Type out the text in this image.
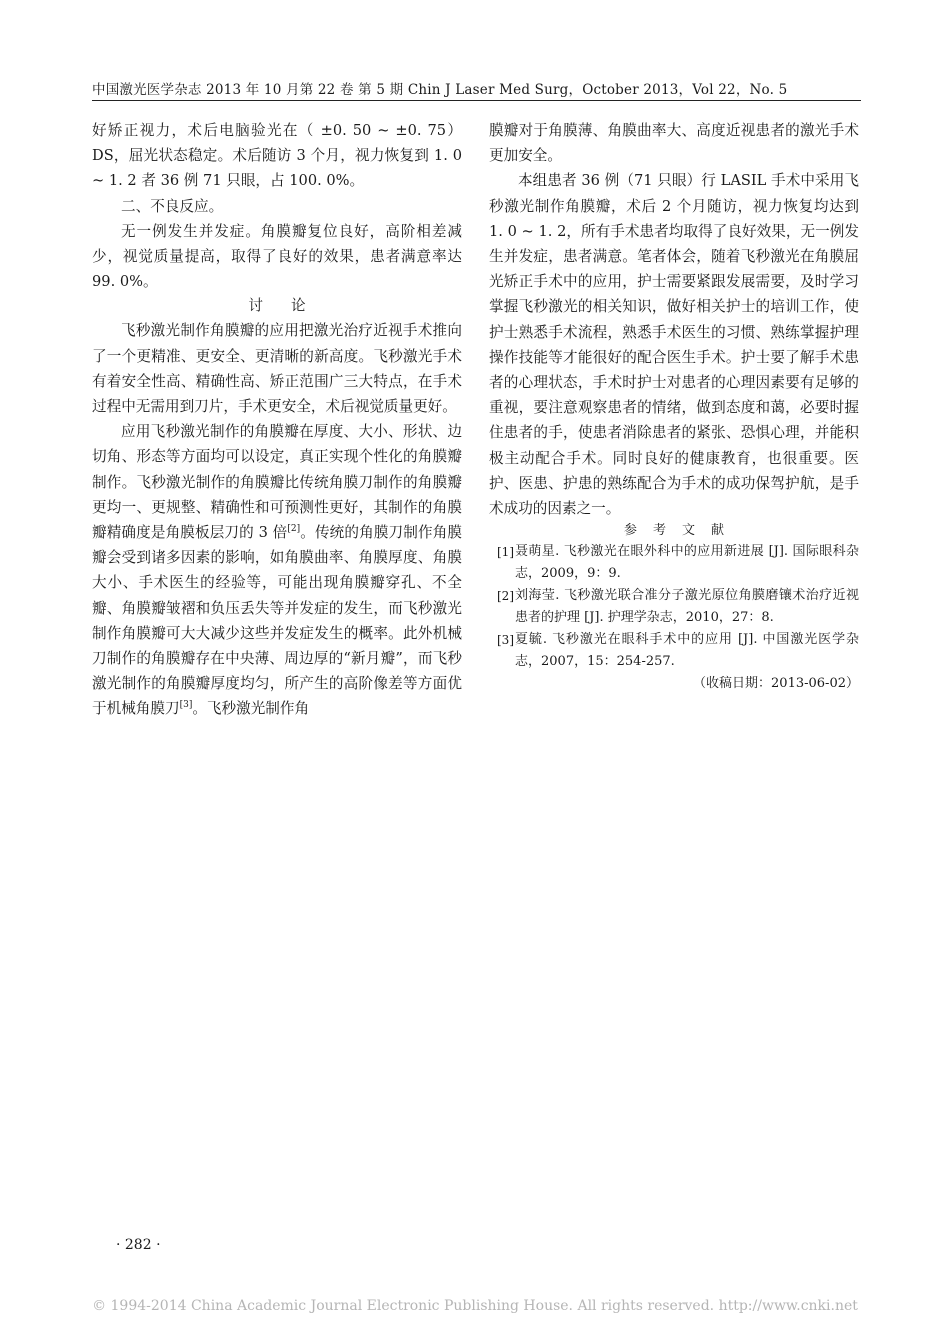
中国激光医学杂志 2013 年 10 月第 22 卷 第 5 期 Chin J Laser Med Surg，October 2013，Vol 22，No. 5

好矫正视力，术后电脑验光在（ ±0. 50 ~ ±0. 75）DS，屈光状态稳定。术后随访 3 个月，视力恢复到 1. 0 ~ 1. 2 者 36 例 71 只眼，占 100. 0%。

二、不良反应。

无一例发生并发症。角膜瓣复位良好，高阶相差减少，视觉质量提高，取得了良好的效果，患者满意率达 99. 0%。

讨论

飞秒激光制作角膜瓣的应用把激光治疗近视手术推向了一个更精准、更安全、更清晰的新高度。飞秒激光手术有着安全性高、精确性高、矫正范围广三大特点，在手术过程中无需用到刀片，手术更安全，术后视觉质量更好。

应用飞秒激光制作的角膜瓣在厚度、大小、形状、边切角、形态等方面均可以设定，真正实现个性化的角膜瓣制作。飞秒激光制作的角膜瓣比传统角膜刀制作的角膜瓣更均一、更规整、精确性和可预测性更好，其制作的角膜瓣精确度是角膜板层刀的 3 倍[2]。传统的角膜刀制作角膜瓣会受到诸多因素的影响，如角膜曲率、角膜厚度、角膜大小、手术医生的经验等，可能出现角膜瓣穿孔、不全瓣、角膜瓣皱褶和负压丢失等并发症的发生，而飞秒激光制作角膜瓣可大大减少这些并发症发生的概率。此外机械刀制作的角膜瓣存在中央薄、周边厚的“新月瓣”，而飞秒激光制作的角膜瓣厚度均匀，所产生的高阶像差等方面优于机械角膜刀[3]。飞秒激光制作角

膜瓣对于角膜薄、角膜曲率大、高度近视患者的激光手术更加安全。

本组患者 36 例（71 只眼）行 LASIL 手术中采用飞秒激光制作角膜瓣，术后 2 个月随访，视力恢复均达到 1. 0 ~ 1. 2，所有手术患者均取得了良好效果，无一例发生并发症，患者满意。笔者体会，随着飞秒激光在角膜屈光矫正手术中的应用，护士需要紧跟发展需要，及时学习掌握飞秒激光的相关知识，做好相关护士的培训工作，使护士熟悉手术流程，熟悉手术医生的习惯、熟练掌握护理操作技能等才能很好的配合医生手术。护士要了解手术患者的心理状态，手术时护士对患者的心理因素要有足够的重视，要注意观察患者的情绪，做到态度和蔼，必要时握住患者的手，使患者消除患者的紧张、恐惧心理，并能积极主动配合手术。同时良好的健康教育，也很重要。医护、医患、护患的熟练配合为手术的成功保驾护航，是手术成功的因素之一。

参考文献

[1] 聂萌星. 飞秒激光在眼外科中的应用新进展 [J]. 国际眼科杂志，2009，9：9.

[2] 刘海莹. 飞秒激光联合准分子激光原位角膜磨镶术治疗近视患者的护理 [J]. 护理学杂志，2010，27：8.

[3] 夏毓. 飞秒激光在眼科手术中的应用 [J]. 中国激光医学杂志，2007，15：254-257.

（收稿日期：2013-06-02）

· 282 ·
© 1994-2014 China Academic Journal Electronic Publishing House. All rights reserved. http://www.cnki.net
